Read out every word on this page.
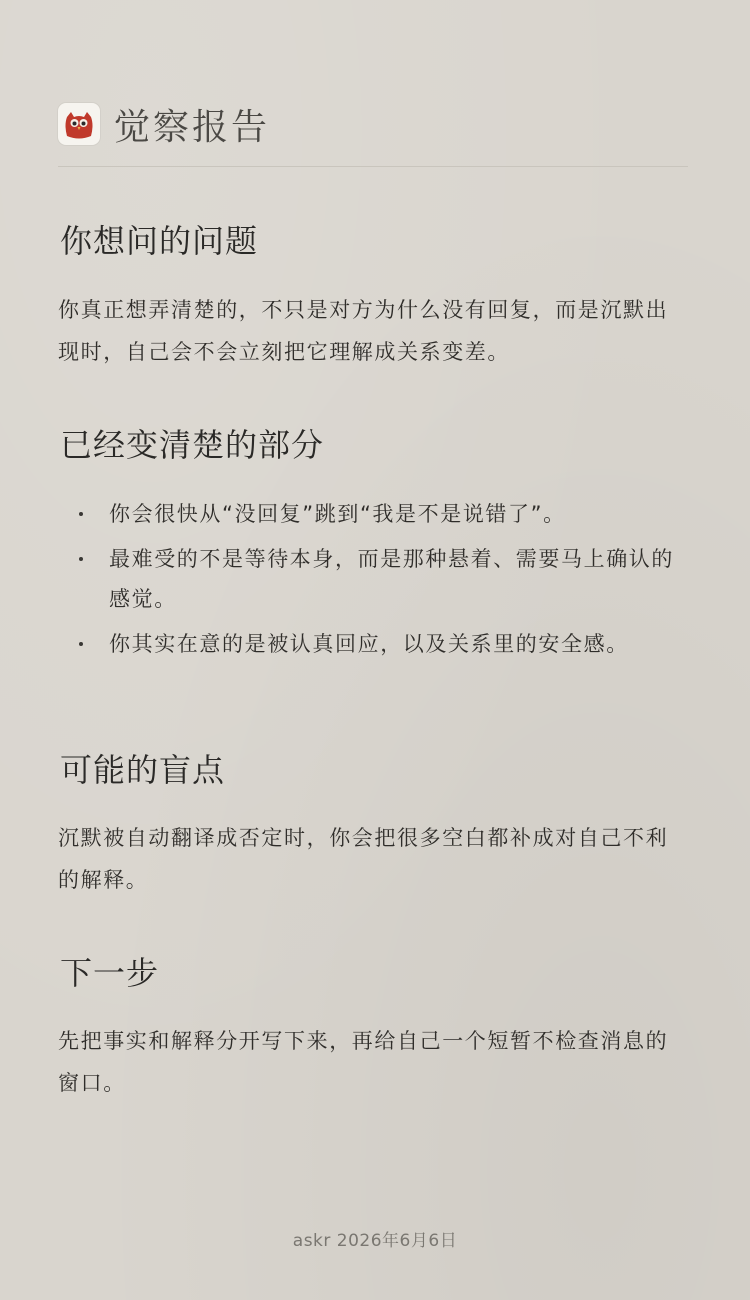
觉察报告
你想问的问题

你真正想弄清楚的，不只是对方为什么没有回复，而是沉默出现时，自己会不会立刻把它理解成关系变差。

已经变清楚的部分
你会很快从“没回复”跳到“我是不是说错了”。
最难受的不是等待本身，而是那种悬着、需要马上确认的感觉。
你其实在意的是被认真回应，以及关系里的安全感。
可能的盲点

沉默被自动翻译成否定时，你会把很多空白都补成对自己不利的解释。

下一步

先把事实和解释分开写下来，再给自己一个短暂不检查消息的窗口。

askr 2026年6月6日
